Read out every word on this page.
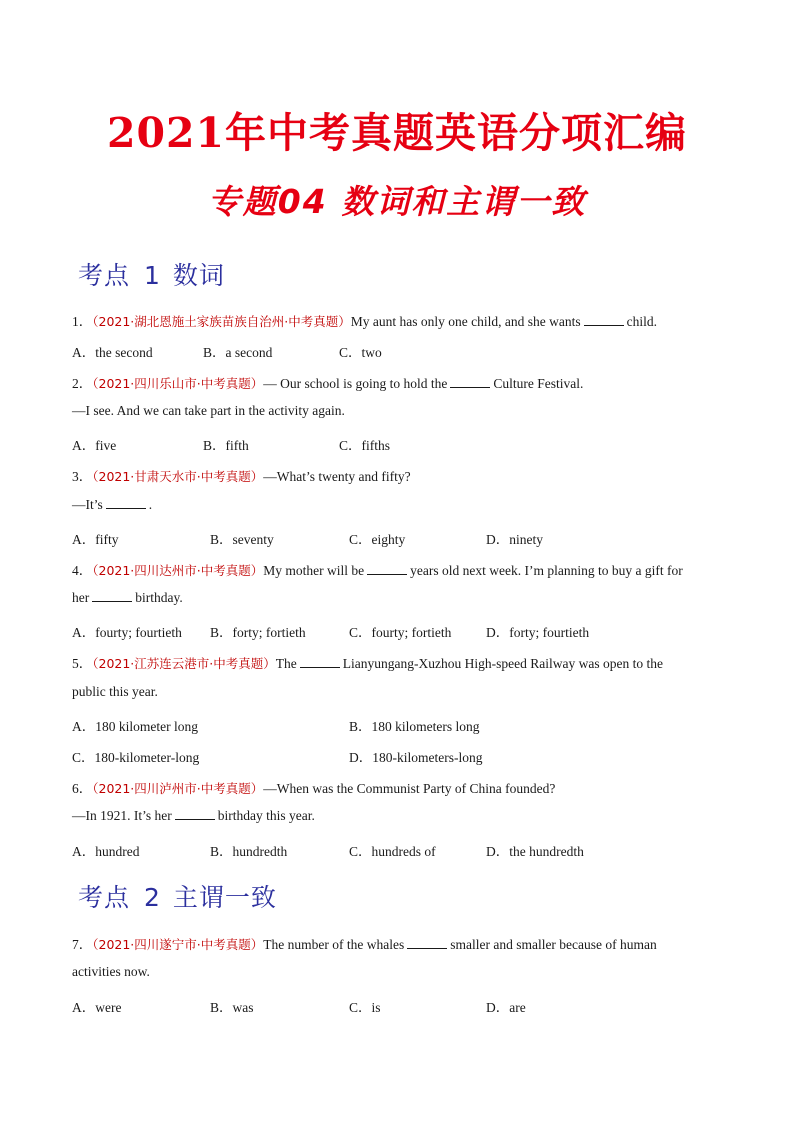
2021年中考真题英语分项汇编
专题04 数词和主谓一致
考点 1 数词
1．（2021·湖北恩施土家族苗族自治州·中考真题）My aunt has only one child, and she wants	child.
A．the second	B．a second	C．two
2．（2021·四川乐山市·中考真题）— Our school is going to hold the	Culture Festival.
—I see. And we can take part in the activity again.
A．five	B．fifth	C．fifths
3．（2021·甘肃天水市·中考真题）—What’s twenty and fifty?
—It’s	.
A．fifty	B．seventy	C．eighty	D．ninety
4．（2021·四川达州市·中考真题）My mother will be	years old next week. I’m planning to buy a gift for
her	birthday.
A．fourty; fourtieth B．forty; fortieth	C．fourty; fortieth	D．forty; fourtieth
5．（2021·江苏连云港市·中考真题）The	Lianyungang-Xuzhou High-speed Railway was open to the
public this year.
A．180 kilometer long	B．180 kilometers long
C．180-kilometer-long	D．180-kilometers-long
6．（2021·四川泸州市·中考真题）—When was the Communist Party of China founded?
—In 1921. It’s her	birthday this year.
A．hundred	B．hundredth	C．hundreds of	D．the hundredth
考点 2 主谓一致
7．（2021·四川遂宁市·中考真题）The number of the whales	smaller and smaller because of human
activities now.
A．were	B．was	C．is	D．are
